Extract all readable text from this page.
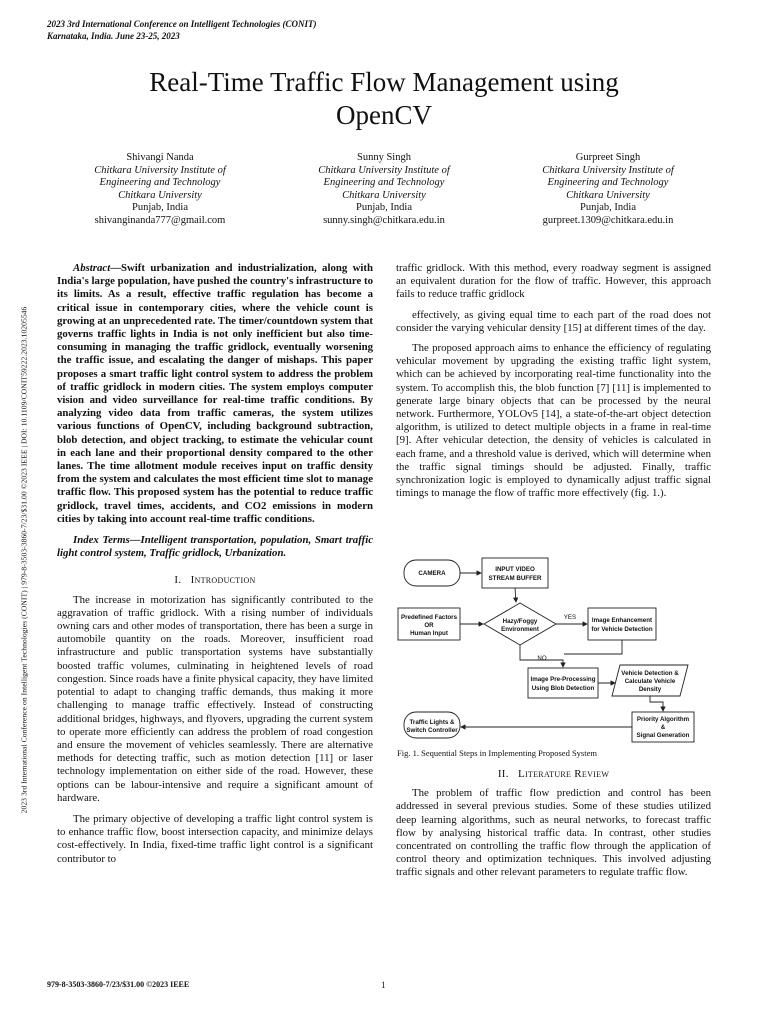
2023 3rd International Conference on Intelligent Technologies (CONIT)
Karnataka, India. June 23-25, 2023
Real-Time Traffic Flow Management using
OpenCV
Shivangi Nanda
Chitkara University Institute of
Engineering and Technology
Chitkara University
Punjab, India
shivanginanda777@gmail.com
Sunny Singh
Chitkara University Institute of
Engineering and Technology
Chitkara University
Punjab, India
sunny.singh@chitkara.edu.in
Gurpreet Singh
Chitkara University Institute of
Engineering and Technology
Chitkara University
Punjab, India
gurpreet.1309@chitkara.edu.in
2023 3rd International Conference on Intelligent Technologies (CONIT) | 979-8-3503-3860-7/23/$31.00 ©2023 IEEE | DOI: 10.1109/CONIT59222.2023.10205546

Abstract—Swift urbanization and industrialization, along with India's large population, have pushed the country's infrastructure to its limits. As a result, effective traffic regulation has become a critical issue in contemporary cities, where the vehicle count is growing at an unprecedented rate. The timer/countdown system that governs traffic lights in India is not only inefficient but also time-consuming in managing the traffic gridlock, eventually worsening the traffic issue, and escalating the danger of mishaps. This paper proposes a smart traffic light control system to address the problem of traffic gridlock in modern cities. The system employs computer vision and video surveillance for real-time traffic conditions. By analyzing video data from traffic cameras, the system utilizes various functions of OpenCV, including background subtraction, blob detection, and object tracking, to estimate the vehicular count in each lane and their proportional density compared to the other lanes. The time allotment module receives input on traffic density from the system and calculates the most efficient time slot to manage traffic flow. This proposed system has the potential to reduce traffic gridlock, travel times, accidents, and CO2 emissions in modern cities by taking into account real-time traffic conditions.

Index Terms—Intelligent transportation, population, Smart traffic light control system, Traffic gridlock, Urbanization.

I. Introduction

The increase in motorization has significantly contributed to the aggravation of traffic gridlock. With a rising number of individuals owning cars and other modes of transportation, there has been a surge in automobile quantity on the roads. Moreover, insufficient road infrastructure and public transportation systems have substantially boosted traffic volumes, culminating in heightened levels of road congestion. Since roads have a finite physical capacity, they have limited potential to adapt to changing traffic demands, thus making it more challenging to manage traffic effectively. Instead of constructing additional bridges, highways, and flyovers, upgrading the current system to operate more efficiently can address the problem of road congestion and ensure the movement of vehicles seamlessly. There are alternative methods for detecting traffic, such as motion detection [11] or laser technology implementation on either side of the road. However, these options can be labour-intensive and require a significant amount of hardware.

The primary objective of developing a traffic light control system is to enhance traffic flow, boost intersection capacity, and minimize delays cost-effectively. In India, fixed-time traffic light control is a significant contributor to

traffic gridlock. With this method, every roadway segment is assigned an equivalent duration for the flow of traffic. However, this approach fails to reduce traffic gridlock

effectively, as giving equal time to each part of the road does not consider the varying vehicular density [15] at different times of the day.

The proposed approach aims to enhance the efficiency of regulating vehicular movement by upgrading the existing traffic light system, which can be achieved by incorporating real-time functionality into the system. To accomplish this, the blob function [7] [11] is implemented to generate large binary objects that can be processed by the neural network. Furthermore, YOLOv5 [14], a state-of-the-art object detection algorithm, is utilized to detect multiple objects in a frame in real-time [9]. After vehicular detection, the density of vehicles is calculated in each frame, and a threshold value is derived, which will determine when the traffic signal timings should be adjusted. Finally, traffic synchronization logic is employed to dynamically adjust traffic signal timings to manage the flow of traffic more effectively (fig. 1.).

CAMERA
INPUT VIDEO
STREAM BUFFER
Predefined Factors
OR
Human Input
Hazy/Foggy
Environment
YES
NO
Image Enhancement
for Vehicle Detection
Image Pre-Processing
Using Blob Detection
Vehicle Detection &
Calculate Vehicle
Density
Priority Algorithm
&
Signal Generation
Traffic Lights &
Switch Controller
Fig. 1. Sequential Steps in Implementing Proposed System

II. Literature Review

The problem of traffic flow prediction and control has been addressed in several previous studies. Some of these studies utilized deep learning algorithms, such as neural networks, to forecast traffic flow by analysing historical traffic data. In contrast, other studies concentrated on controlling the traffic flow through the application of control theory and optimization techniques. This involved adjusting traffic signals and other relevant parameters to regulate traffic flow.

979-8-3503-3860-7/23/$31.00 ©2023 IEEE	1
